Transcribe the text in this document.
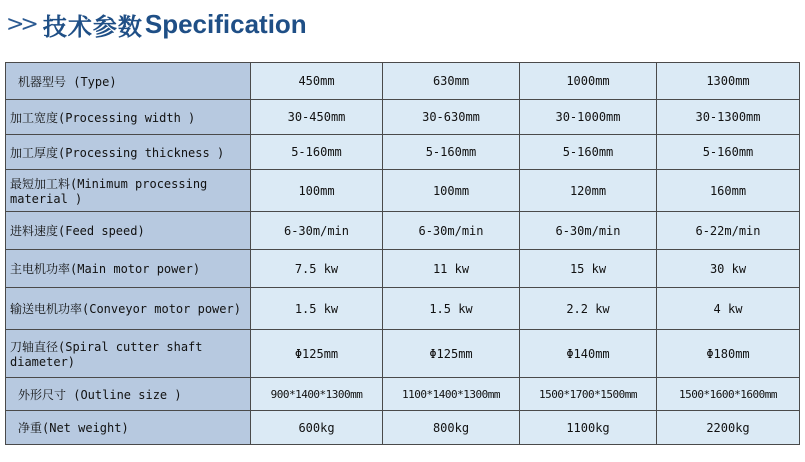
>> 技术参数 Specification
机器型号 (Type)	450mm	630mm	1000mm	1300mm
加工宽度(Processing width )	30-450mm	30-630mm	30-1000mm	30-1300mm
加工厚度(Processing thickness )	5-160mm	5-160mm	5-160mm	5-160mm
最短加工料(Minimum processing material )	100mm	100mm	120mm	160mm
进料速度(Feed speed)	6-30m/min	6-30m/min	6-30m/min	6-22m/min
主电机功率(Main motor power)	7.5 kw	11 kw	15 kw	30 kw
输送电机功率(Conveyor motor power)	1.5 kw	1.5 kw	2.2 kw	4 kw
刀轴直径(Spiral cutter shaft diameter)	Φ125mm	Φ125mm	Φ140mm	Φ180mm
外形尺寸 (Outline size )	900*1400*1300mm	1100*1400*1300mm	1500*1700*1500mm	1500*1600*1600mm
净重(Net weight)	600kg	800kg	1100kg	2200kg
